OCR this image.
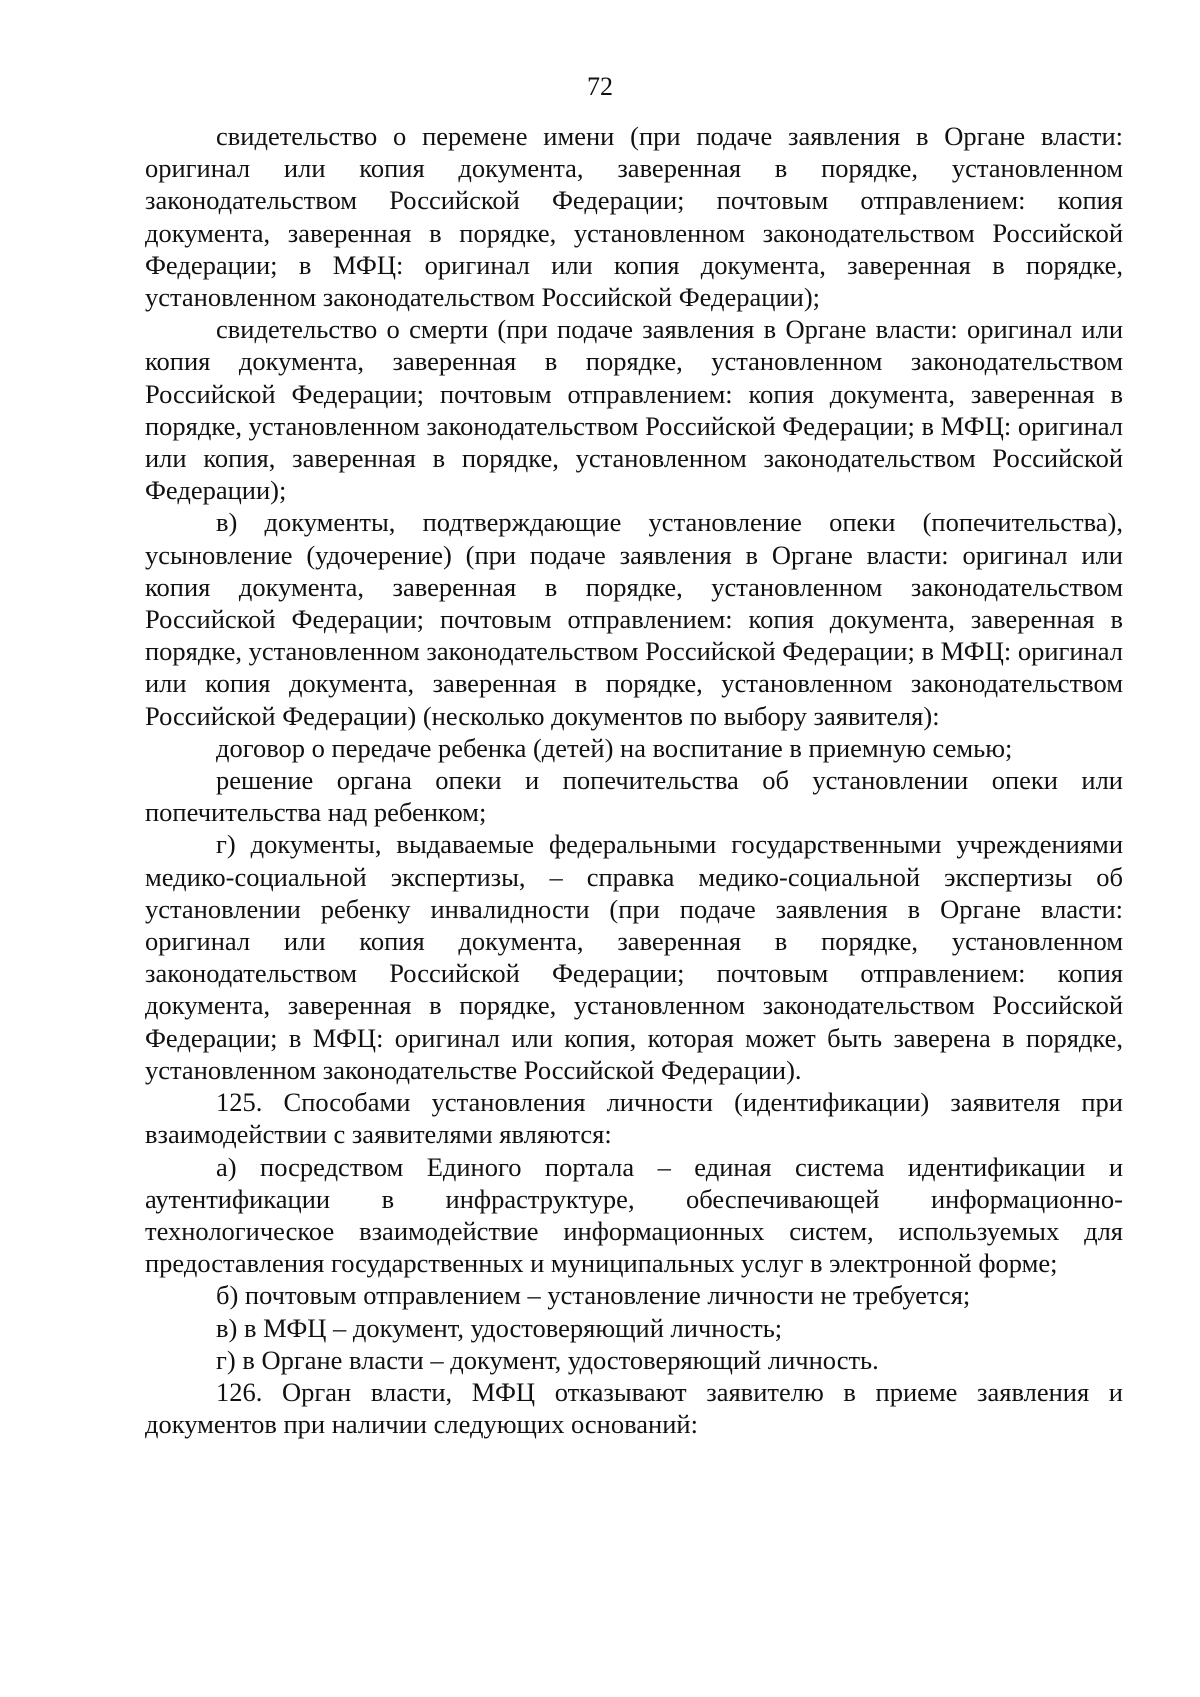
72

свидетельство о перемене имени (при подаче заявления в Органе власти: оригинал или копия документа, заверенная в порядке, установленном законодательством Российской Федерации; почтовым отправлением: копия документа, заверенная в порядке, установленном законодательством Российской Федерации; в МФЦ: оригинал или копия документа, заверенная в порядке, установленном законодательством Российской Федерации);

свидетельство о смерти (при подаче заявления в Органе власти: оригинал или копия документа, заверенная в порядке, установленном законодательством Российской Федерации; почтовым отправлением: копия документа, заверенная в порядке, установленном законодательством Российской Федерации; в МФЦ: оригинал или копия, заверенная в порядке, установленном законодательством Российской Федерации);

в) документы, подтверждающие установление опеки (попечительства), усыновление (удочерение) (при подаче заявления в Органе власти: оригинал или копия документа, заверенная в порядке, установленном законодательством Российской Федерации; почтовым отправлением: копия документа, заверенная в порядке, установленном законодательством Российской Федерации; в МФЦ: оригинал или копия документа, заверенная в порядке, установленном законодательством Российской Федерации) (несколько документов по выбору заявителя):

договор о передаче ребенка (детей) на воспитание в приемную семью;

решение органа опеки и попечительства об установлении опеки или попечительства над ребенком;

г) документы, выдаваемые федеральными государственными учреждениями медико-социальной экспертизы, – справка медико-социальной экспертизы об установлении ребенку инвалидности (при подаче заявления в Органе власти: оригинал или копия документа, заверенная в порядке, установленном законодательством Российской Федерации; почтовым отправлением: копия документа, заверенная в порядке, установленном законодательством Российской Федерации; в МФЦ: оригинал или копия, которая может быть заверена в порядке, установленном законодательстве Российской Федерации).

125. Способами установления личности (идентификации) заявителя при взаимодействии с заявителями являются:

а) посредством Единого портала – единая система идентификации и аутентификации в инфраструктуре, обеспечивающей информационно-технологическое взаимодействие информационных систем, используемых для предоставления государственных и муниципальных услуг в электронной форме;

б) почтовым отправлением – установление личности не требуется;

в) в МФЦ – документ, удостоверяющий личность;

г) в Органе власти – документ, удостоверяющий личность.

126. Орган власти, МФЦ отказывают заявителю в приеме заявления и документов при наличии следующих оснований:
